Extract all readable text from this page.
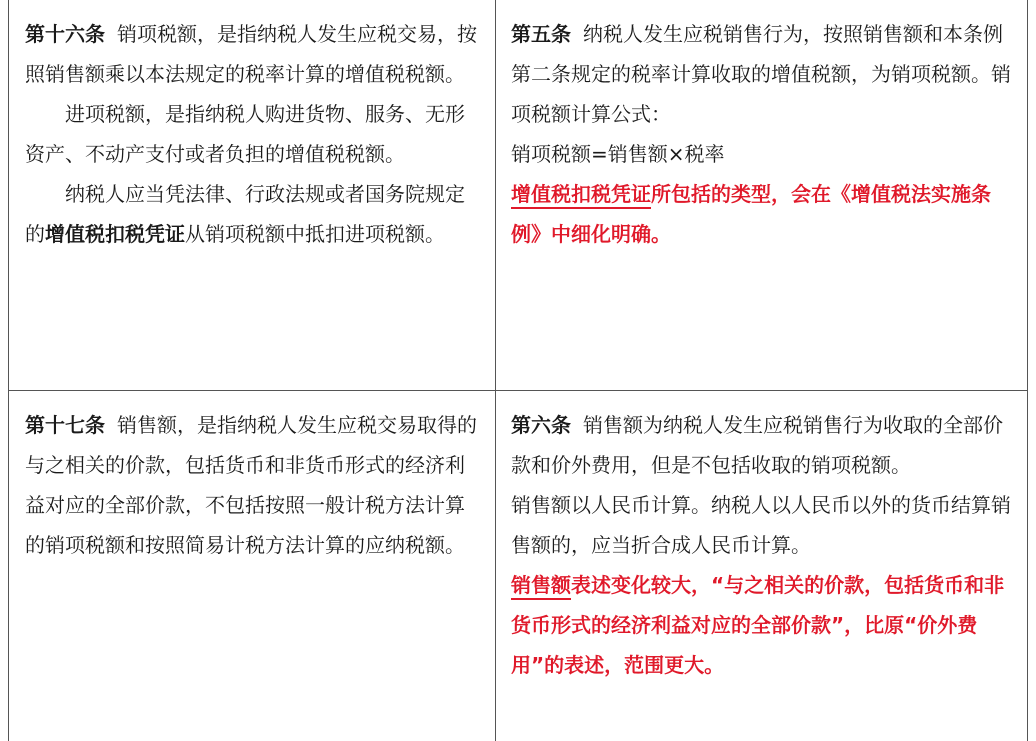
第十六条 销项税额，是指纳税人发生应税交易，按照销售额乘以本法规定的税率计算的增值税税额。

进项税额，是指纳税人购进货物、服务、无形资产、不动产支付或者负担的增值税税额。

纳税人应当凭法律、行政法规或者国务院规定的增值税扣税凭证从销项税额中抵扣进项税额。

第五条 纳税人发生应税销售行为，按照销售额和本条例第二条规定的税率计算收取的增值税额，为销项税额。销项税额计算公式：

销项税额=销售额×税率

增值税扣税凭证所包括的类型，会在《增值税法实施条例》中细化明确。

第十七条 销售额，是指纳税人发生应税交易取得的与之相关的价款，包括货币和非货币形式的经济利益对应的全部价款，不包括按照一般计税方法计算的销项税额和按照简易计税方法计算的应纳税额。

第六条 销售额为纳税人发生应税销售行为收取的全部价款和价外费用，但是不包括收取的销项税额。

销售额以人民币计算。纳税人以人民币以外的货币结算销售额的，应当折合成人民币计算。

销售额表述变化较大，“与之相关的价款，包括货币和非货币形式的经济利益对应的全部价款”，比原“价外费用”的表述，范围更大。
